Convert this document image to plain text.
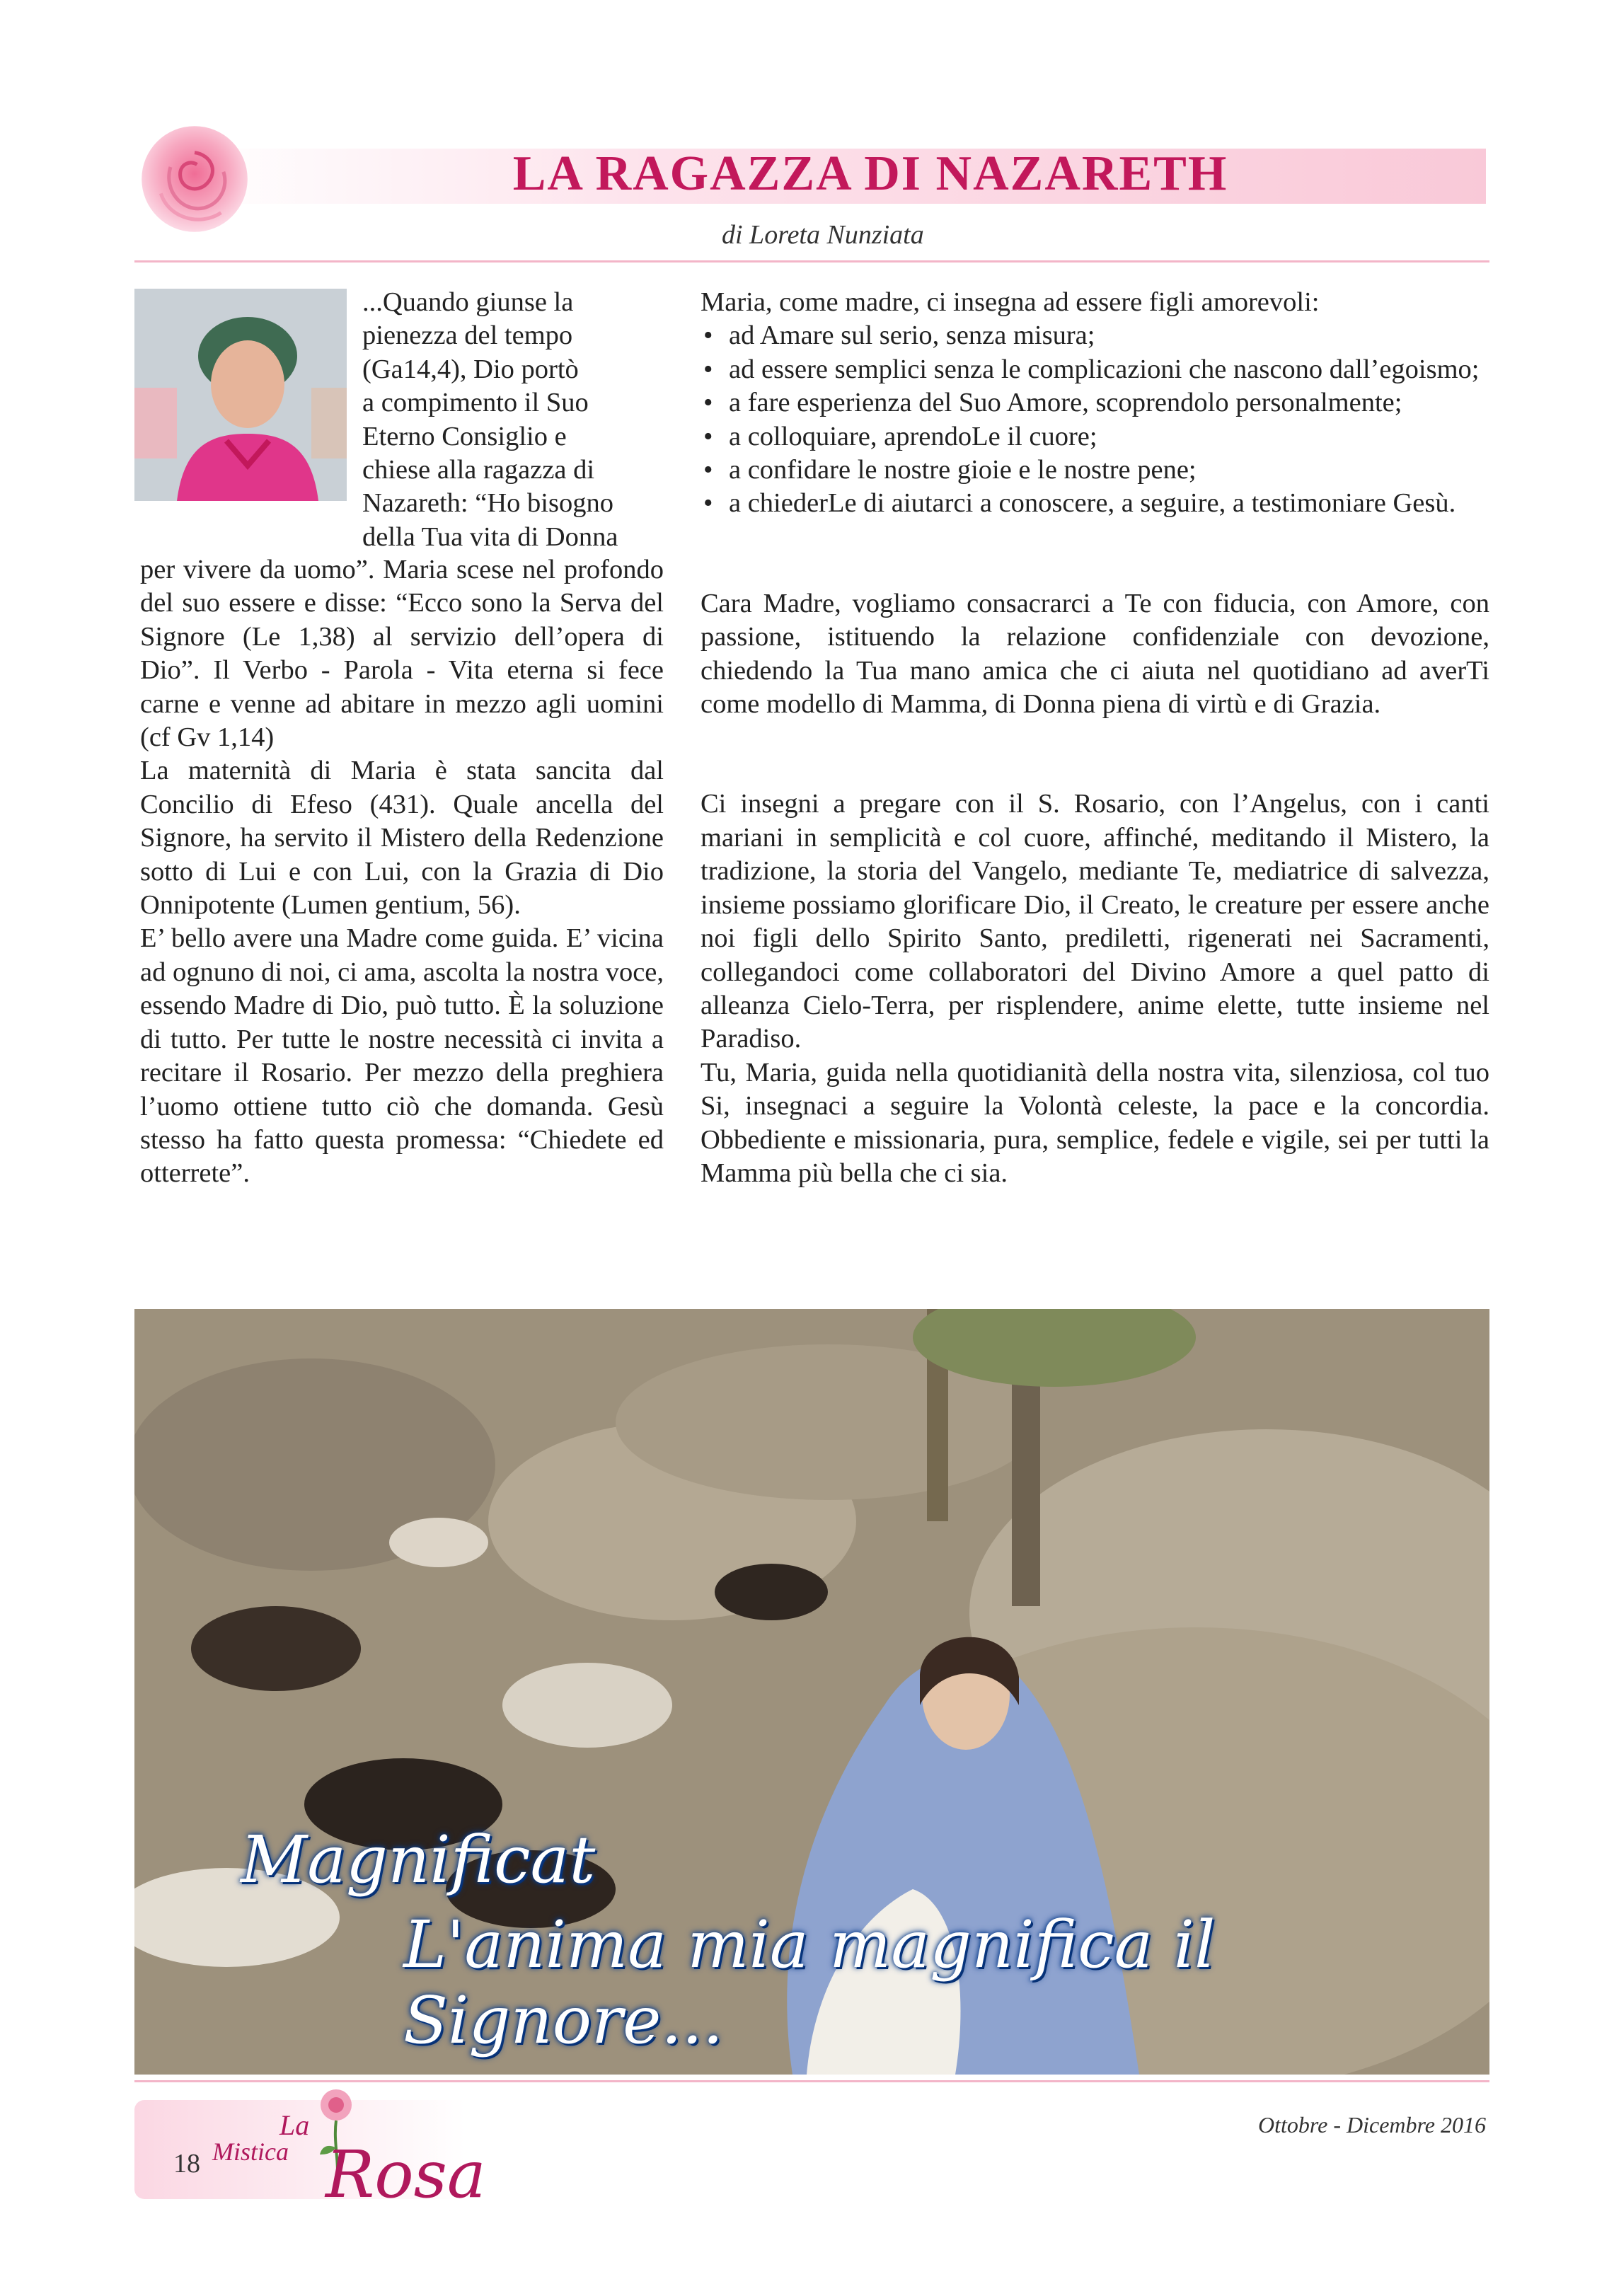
LA RAGAZZA DI NAZARETH

di Loreta Nunziata

...Quando giunse la

pienezza del tempo

(Ga14,4), Dio portò

a compimento il Suo

Eterno Consiglio e

chiese alla ragazza di

Nazareth: “Ho bisogno

della Tua vita di Donna

per vivere da uomo”. Maria scese nel profondo del suo essere e disse: “Ecco sono la Serva del Signore (Le 1,38) al servizio dell’opera di Dio”. Il Verbo - Parola - Vita eterna si fece carne e venne ad abitare in mezzo agli uomini (cf Gv 1,14)

La maternità di Maria è stata sancita dal Concilio di Efeso (431). Quale ancella del Signore, ha servito il Mistero della Redenzione sotto di Lui e con Lui, con la Grazia di Dio Onnipotente (Lumen gentium, 56).

E’ bello avere una Madre come guida. E’ vicina ad ognuno di noi, ci ama, ascolta la nostra voce, essendo Madre di Dio, può tutto. È la soluzione di tutto. Per tutte le nostre necessità ci invita a recitare il Rosario. Per mezzo della preghiera l’uomo ottiene tutto ciò che domanda. Gesù stesso ha fatto questa promessa: “Chiedete ed otterrete”.

Maria, come madre, ci insegna ad essere figli amorevoli:

• ad Amare sul serio, senza misura;
• ad essere semplici senza le complicazioni che nascono dall’egoismo;
• a fare esperienza del Suo Amore, scoprendolo personalmente;
• a colloquiare, aprendoLe il cuore;
• a confidare le nostre gioie e le nostre pene;
• a chiederLe di aiutarci a conoscere, a seguire, a testimoniare Gesù.

Cara Madre, vogliamo consacrarci a Te con fiducia, con Amore, con passione, istituendo la relazione confidenziale con devozione, chiedendo la Tua mano amica che ci aiuta nel quotidiano ad averTi come modello di Mamma, di Donna piena di virtù e di Grazia.

Ci insegni a pregare con il S. Rosario, con l’Angelus, con i canti mariani in semplicità e col cuore, affinché, meditando il Mistero, la tradizione, la storia del Vangelo, mediante Te, mediatrice di salvezza, insieme possiamo glorificare Dio, il Creato, le creature per essere anche noi figli dello Spirito Santo, prediletti, rigenerati nei Sacramenti, collegandoci come collaboratori del Divino Amore a quel patto di alleanza Cielo-Terra, per risplendere, anime elette, tutte insieme nel Paradiso.

Tu, Maria, guida nella quotidianità della nostra vita, silenziosa, col tuo Si, insegnaci a seguire la Volontà celeste, la pace e la concordia. Obbediente e missionaria, pura, semplice, fedele e vigile, sei per tutti la Mamma più bella che ci sia.

Magnificat
L'anima mia magnifica il Signore...
18
La
Mistica Rosa
Ottobre - Dicembre 2016
